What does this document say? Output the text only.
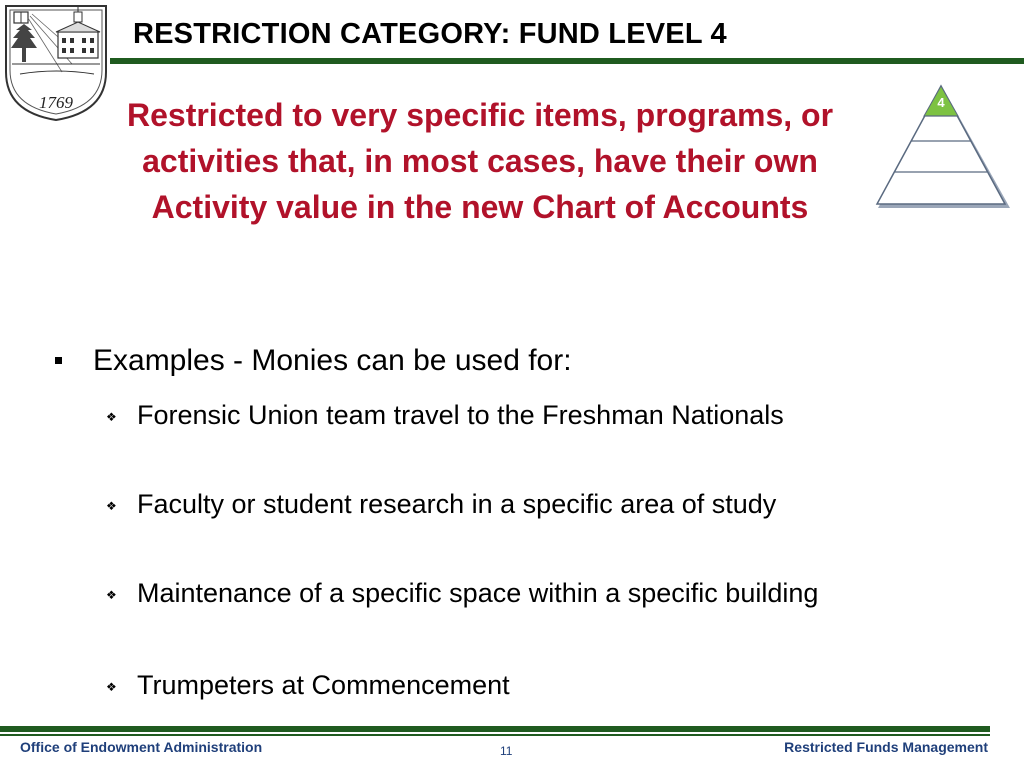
1769
RESTRICTION CATEGORY: FUND LEVEL 4
Restricted to very specific items, programs, or activities that, in most cases, have their own Activity value in the new Chart of Accounts
4
Examples - Monies can be used for:
❖ Forensic Union team travel to the Freshman Nationals
❖ Faculty or student research in a specific area of study
❖ Maintenance of a specific space within a specific building
❖ Trumpeters at Commencement
Office of Endowment Administration	11	Restricted Funds Management
